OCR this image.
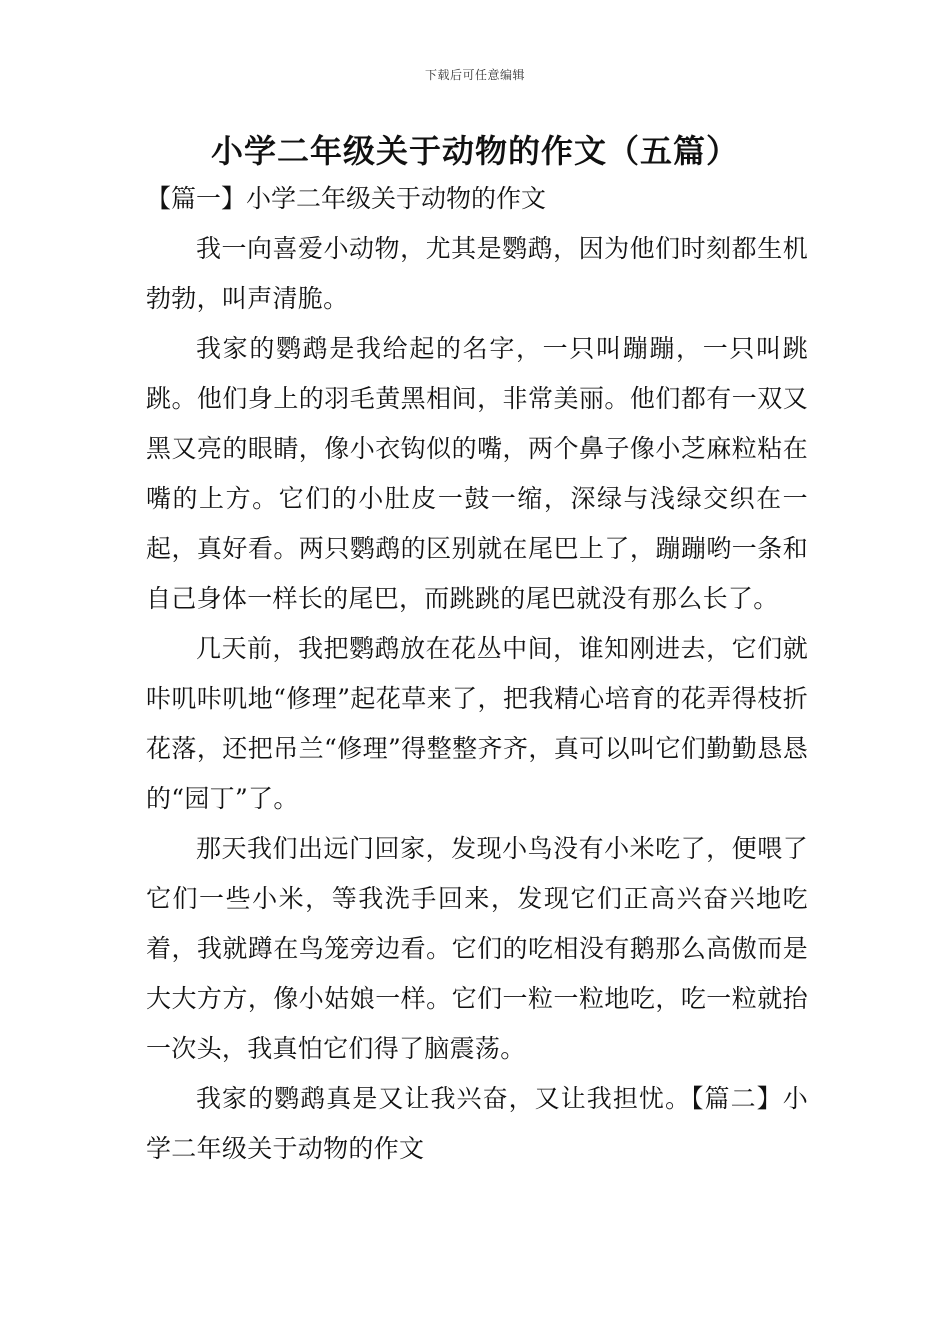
下载后可任意编辑
小学二年级关于动物的作文（五篇）

【篇一】小学二年级关于动物的作文

我一向喜爱小动物，尤其是鹦鹉，因为他们时刻都生机勃勃，叫声清脆。

我家的鹦鹉是我给起的名字，一只叫蹦蹦，一只叫跳跳。他们身上的羽毛黄黑相间，非常美丽。他们都有一双又黑又亮的眼睛，像小衣钩似的嘴，两个鼻子像小芝麻粒粘在嘴的上方。它们的小肚皮一鼓一缩，深绿与浅绿交织在一起，真好看。两只鹦鹉的区别就在尾巴上了，蹦蹦哟一条和自己身体一样长的尾巴，而跳跳的尾巴就没有那么长了。

几天前，我把鹦鹉放在花丛中间，谁知刚进去，它们就咔叽咔叽地“修理”起花草来了，把我精心培育的花弄得枝折花落，还把吊兰“修理”得整整齐齐，真可以叫它们勤勤恳恳的“园丁”了。

那天我们出远门回家，发现小鸟没有小米吃了，便喂了它们一些小米，等我洗手回来，发现它们正高兴奋兴地吃着，我就蹲在鸟笼旁边看。它们的吃相没有鹅那么高傲而是大大方方，像小姑娘一样。它们一粒一粒地吃，吃一粒就抬一次头，我真怕它们得了脑震荡。

我家的鹦鹉真是又让我兴奋，又让我担忧。【篇二】小学二年级关于动物的作文
